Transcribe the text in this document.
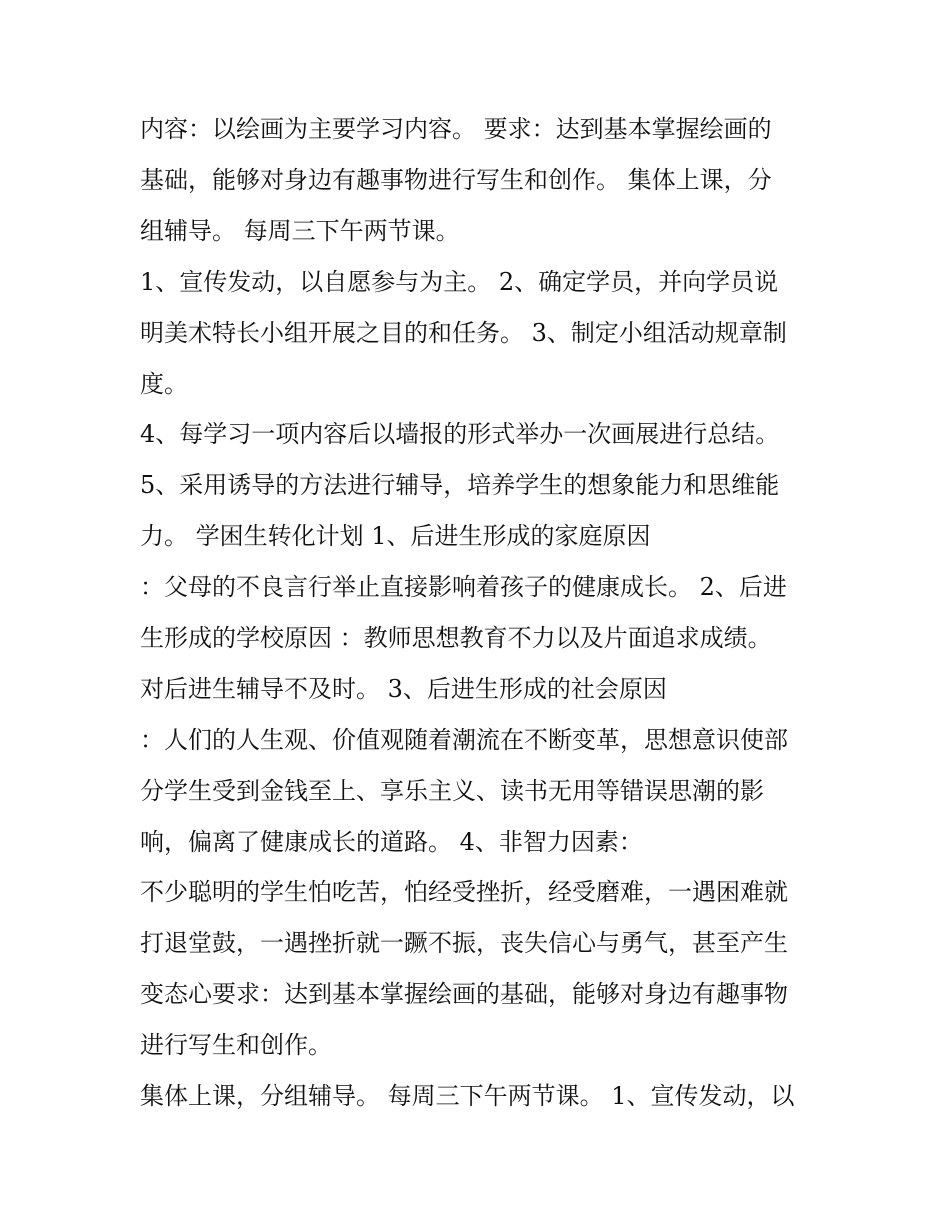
内容：以绘画为主要学习内容。 要求：达到基本掌握绘画的
基础，能够对身边有趣事物进行写生和创作。 集体上课，分
组辅导。 每周三下午两节课。
1、宣传发动，以自愿参与为主。 2、确定学员，并向学员说
明美术特长小组开展之目的和任务。 3、制定小组活动规章制
度。
4、每学习一项内容后以墙报的形式举办一次画展进行总结。
5、采用诱导的方法进行辅导，培养学生的想象能力和思维能
力。 学困生转化计划 1、后进生形成的家庭原因
：父母的不良言行举止直接影响着孩子的健康成长。 2、后进
生形成的学校原因 ：教师思想教育不力以及片面追求成绩。
对后进生辅导不及时。 3、后进生形成的社会原因
：人们的人生观、价值观随着潮流在不断变革，思想意识使部
分学生受到金钱至上、享乐主义、读书无用等错误思潮的影
响，偏离了健康成长的道路。 4、非智力因素：
不少聪明的学生怕吃苦，怕经受挫折，经受磨难，一遇困难就
打退堂鼓，一遇挫折就一蹶不振，丧失信心与勇气，甚至产生
变态心要求：达到基本掌握绘画的基础，能够对身边有趣事物
进行写生和创作。
集体上课，分组辅导。 每周三下午两节课。 1、宣传发动，以
